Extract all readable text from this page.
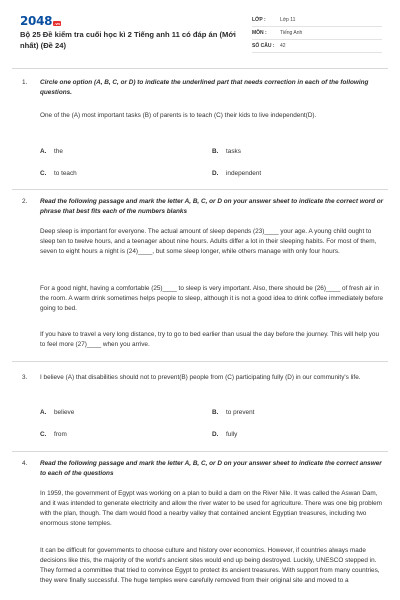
2048 .vn
Bộ 25 Đề kiểm tra cuối học kì 2 Tiếng anh 11 có đáp án (Mới nhất) (Đề 24)
LỚP :	Lớp 11
MÔN :	Tiếng Anh
SỐ CÂU :	42
1. Circle one option (A, B, C, or D) to indicate the underlined part that needs correction in each of the following questions.
One of the (A) most important tasks (B) of parents is to teach (C) their kids to live independent(D).
A. the	B. tasks
C. to teach	D. independent
2. Read the following passage and mark the letter A, B, C, or D on your answer sheet to indicate the correct word or phrase that best fits each of the numbers blanks
Deep sleep is important for everyone. The actual amount of sleep depends (23)____ your age. A young child ought to sleep ten to twelve hours, and a teenager about nine hours. Adults differ a lot in their sleeping habits. For most of them, seven to eight hours a night is (24)____, but some sleep longer, while others manage with only four hours.
For a good night, having a comfortable (25)____ to sleep is very important. Also, there should be (26)____ of fresh air in the room. A warm drink sometimes helps people to sleep, although it is not a good idea to drink coffee immediately before going to bed.
If you have to travel a very long distance, try to go to bed earlier than usual the day before the journey. This will help you to feel more (27)____ when you arrive.
3. I believe (A) that disabilities should not to prevent(B) people from (C) participating fully (D) in our community's life.
A. believe	B. to prevent
C. from	D. fully
4. Read the following passage and mark the letter A, B, C, or D on your answer sheet to indicate the correct answer to each of the questions
In 1959, the government of Egypt was working on a plan to build a dam on the River Nile. It was called the Aswan Dam, and it was intended to generate electricity and allow the river water to be used for agriculture. There was one big problem with the plan, though. The dam would flood a nearby valley that contained ancient Egyptian treasures, including two enormous stone temples.
It can be difficult for governments to choose culture and history over economics. However, if countries always made decisions like this, the majority of the world's ancient sites would end up being destroyed. Luckily, UNESCO stepped in. They formed a committee that tried to convince Egypt to protect its ancient treasures. With support from many countries, they were finally successful. The huge temples were carefully removed from their original site and moved to a
